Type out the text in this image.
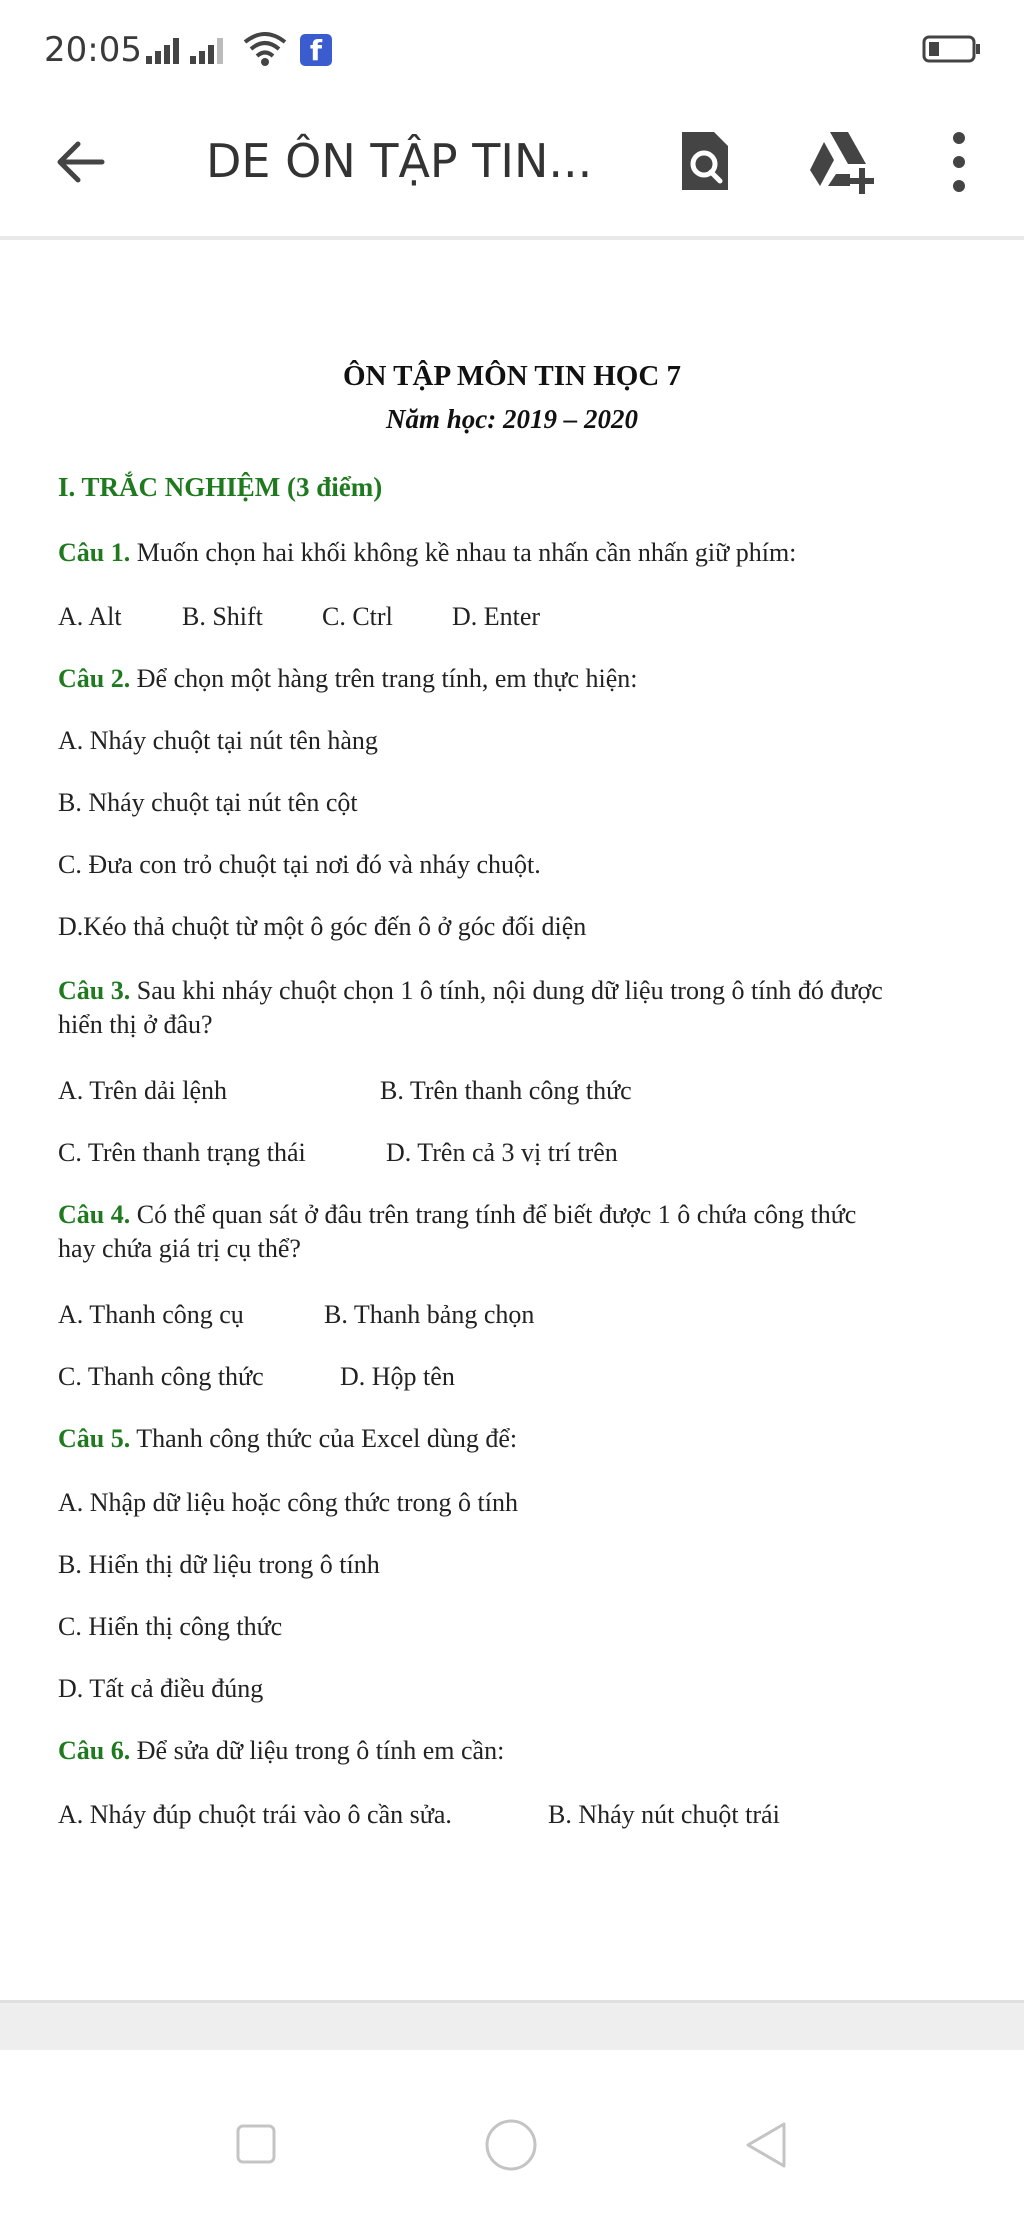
20:05	f
DE ÔN TẬP TIN...
ÔN TẬP MÔN TIN HỌC 7
Năm học: 2019 – 2020
I. TRẮC NGHIỆM (3 điểm)
Câu 1. Muốn chọn hai khối không kề nhau ta nhấn cần nhấn giữ phím:
A. Alt B. Shift C. Ctrl D. Enter
Câu 2. Để chọn một hàng trên trang tính, em thực hiện:
A. Nháy chuột tại nút tên hàng
B. Nháy chuột tại nút tên cột
C. Đưa con trỏ chuột tại nơi đó và nháy chuột.
D.Kéo thả chuột từ một ô góc đến ô ở góc đối diện
Câu 3. Sau khi nháy chuột chọn 1 ô tính, nội dung dữ liệu trong ô tính đó được
hiển thị ở đâu?
A. Trên dải lệnh	B. Trên thanh công thức
C. Trên thanh trạng thái	D. Trên cả 3 vị trí trên
Câu 4. Có thể quan sát ở đâu trên trang tính để biết được 1 ô chứa công thức
hay chứa giá trị cụ thể?
A. Thanh công cụ	B. Thanh bảng chọn
C. Thanh công thức	D. Hộp tên
Câu 5. Thanh công thức của Excel dùng để:
A. Nhập dữ liệu hoặc công thức trong ô tính
B. Hiển thị dữ liệu trong ô tính
C. Hiển thị công thức
D. Tất cả điều đúng
Câu 6. Để sửa dữ liệu trong ô tính em cần:
A. Nháy đúp chuột trái vào ô cần sửa.	B. Nháy nút chuột trái
